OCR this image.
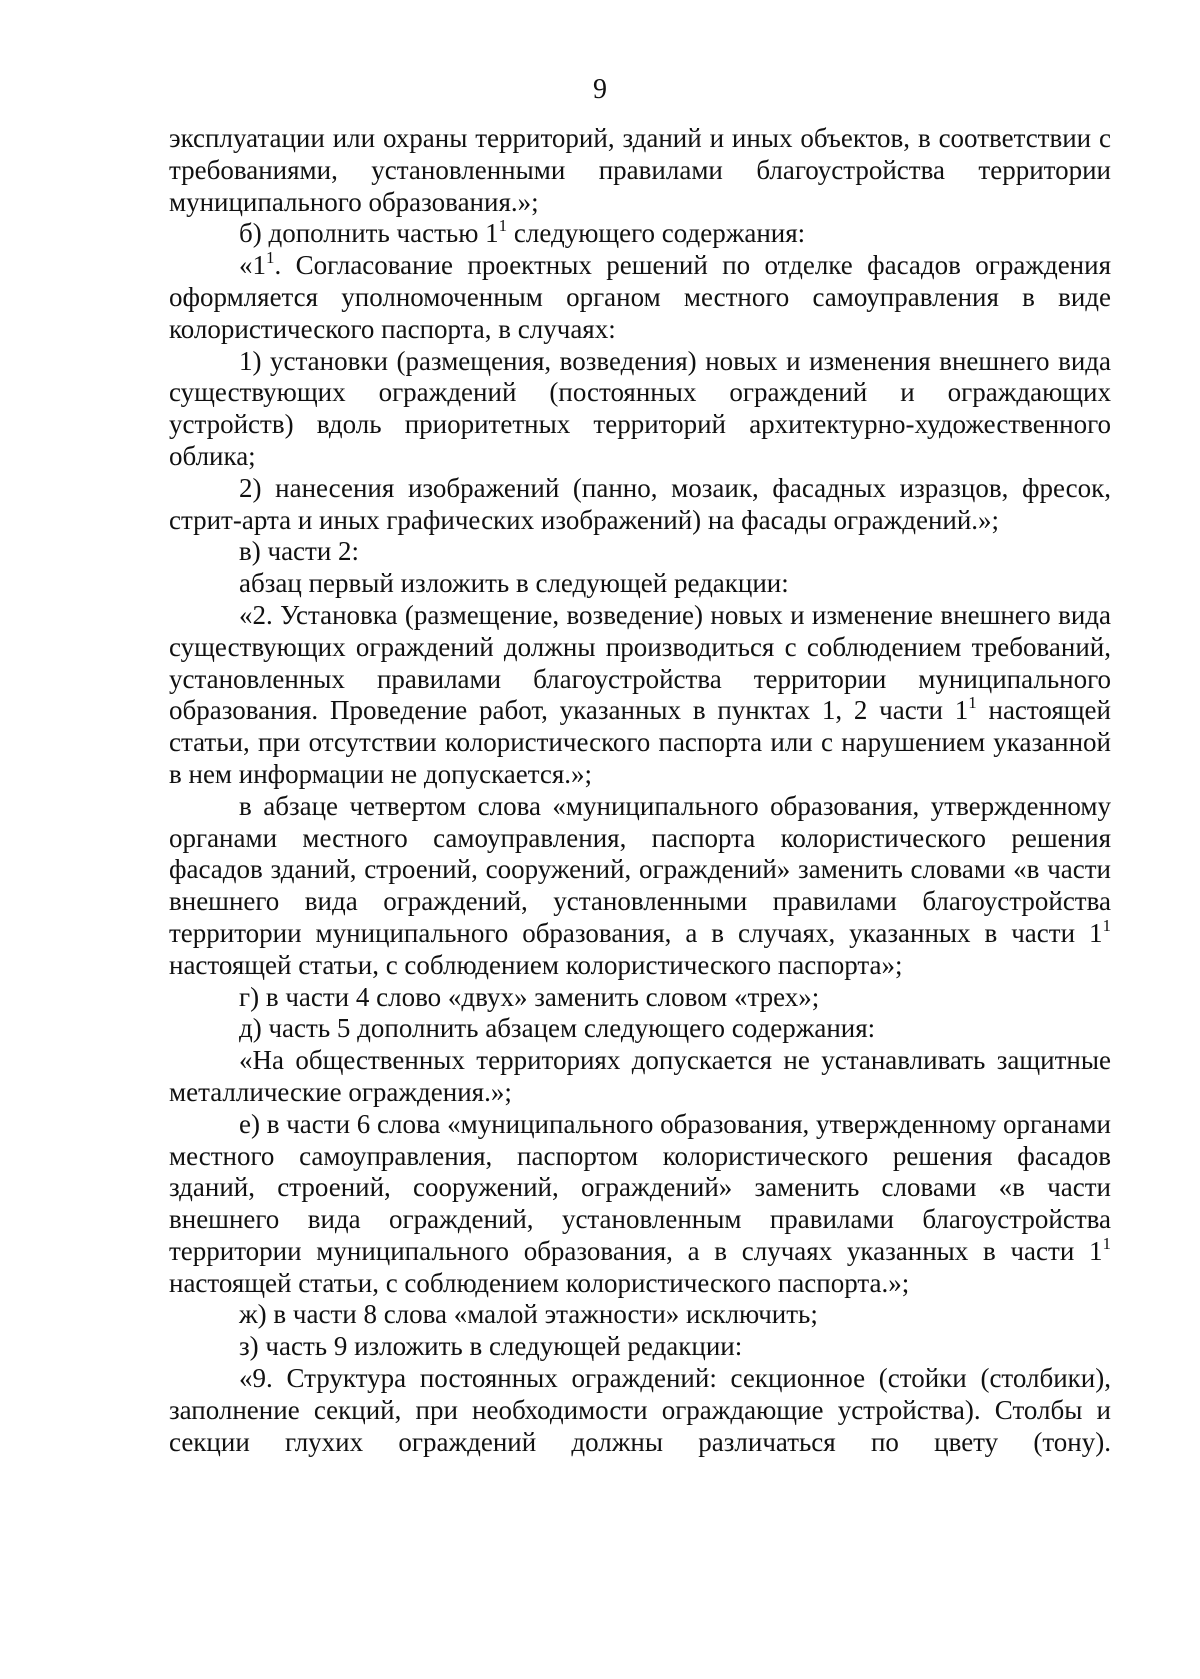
9

эксплуатации или охраны территорий, зданий и иных объектов, в соответствии с требованиями, установленными правилами благоустройства территории муниципального образования.»;

б) дополнить частью $1^1$ следующего содержания:

«$1^1$. Согласование проектных решений по отделке фасадов ограждения оформляется уполномоченным органом местного самоуправления в виде колористического паспорта, в случаях:

1) установки (размещения, возведения) новых и изменения внешнего вида существующих ограждений (постоянных ограждений и ограждающих устройств) вдоль приоритетных территорий архитектурно-художественного облика;

2) нанесения изображений (панно, мозаик, фасадных изразцов, фресок, стрит-арта и иных графических изображений) на фасады ограждений.»;

в) части 2:

абзац первый изложить в следующей редакции:

«2. Установка (размещение, возведение) новых и изменение внешнего вида существующих ограждений должны производиться с соблюдением требований, установленных правилами благоустройства территории муниципального образования. Проведение работ, указанных в пунктах 1, 2 части $1^1$ настоящей статьи, при отсутствии колористического паспорта или с нарушением указанной в нем информации не допускается.»;

в абзаце четвертом слова «муниципального образования, утвержденному органами местного самоуправления, паспорта колористического решения фасадов зданий, строений, сооружений, ограждений» заменить словами «в части внешнего вида ограждений, установленными правилами благоустройства территории муниципального образования, а в случаях, указанных в части $1^1$ настоящей статьи, с соблюдением колористического паспорта»;

г) в части 4 слово «двух» заменить словом «трех»;

д) часть 5 дополнить абзацем следующего содержания:

«На общественных территориях допускается не устанавливать защитные металлические ограждения.»;

е) в части 6 слова «муниципального образования, утвержденному органами местного самоуправления, паспортом колористического решения фасадов зданий, строений, сооружений, ограждений» заменить словами «в части внешнего вида ограждений, установленным правилами благоустройства территории муниципального образования, а в случаях указанных в части $1^1$ настоящей статьи, с соблюдением колористического паспорта.»;

ж) в части 8 слова «малой этажности» исключить;

з) часть 9 изложить в следующей редакции:

«9. Структура постоянных ограждений: секционное (стойки (столбики), заполнение секций, при необходимости ограждающие устройства). Столбы и секции глухих ограждений должны различаться по цвету (тону).
